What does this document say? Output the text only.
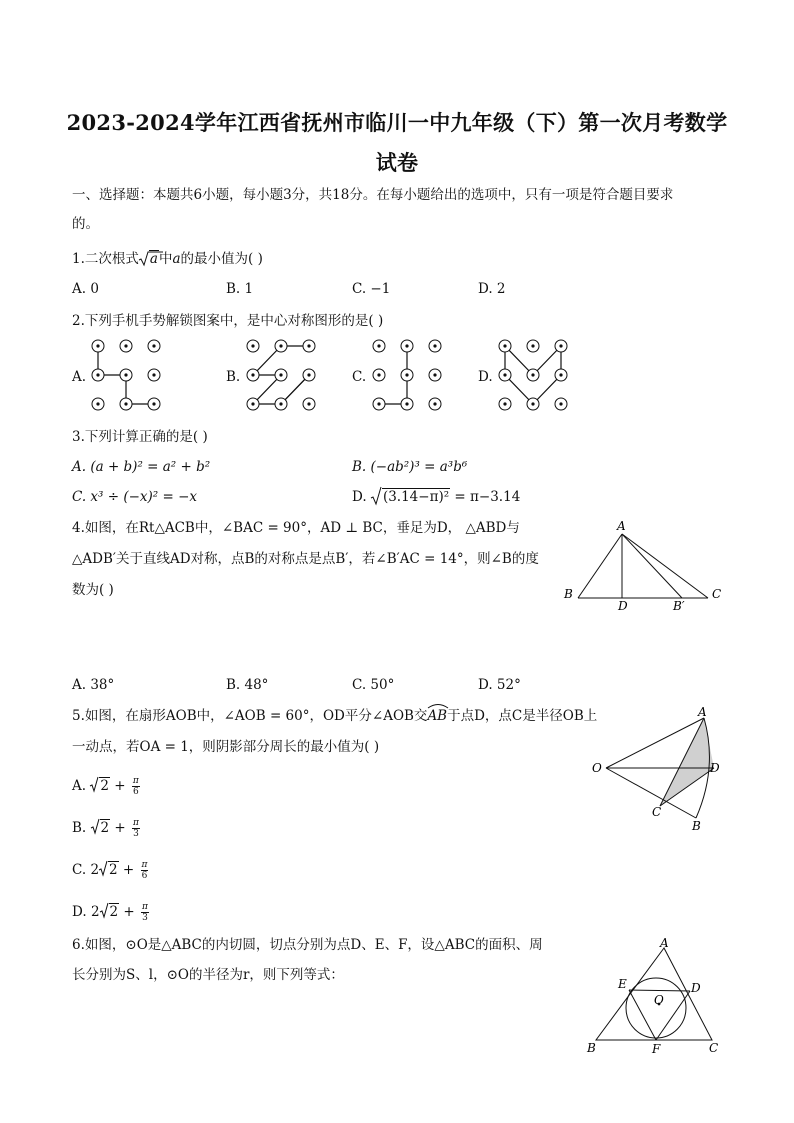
2023-2024学年江西省抚州市临川一中九年级（下）第一次月考数学
试卷
一、选择题：本题共6小题，每小题3分，共18分。在每小题给出的选项中，只有一项是符合题目要求
的。
1.二次根式 a中a的最小值为( )
A. 0	B. 1	C. −1	D. 2
2.下列手机手势解锁图案中，是中心对称图形的是( )
A.	B.	C.	D.
3.下列计算正确的是( )
A. (a + b)² = a² + b²	B. (−ab²)³ = a³b⁶
C. x³ ÷ (−x)² = −x	D.
(3.14−π)² = π−3.14
4.如图，在Rt△ACB中，∠BAC = 90°，AD ⊥ BC，垂足为D， △ABD与
△ADB′关于直线AD对称，点B的对称点是点B′，若∠B′AC = 14°，则∠B的度
数为( )
A
B	C
D	B′
A. 38°	B. 48°	C. 50°	D. 52°
5.如图，在扇形AOB中，∠AOB = 60°，OD平分∠AOB交
AB于点D，点C是半径OB上
一动点，若OA = 1，则阴影部分周长的最小值为( )
A
B
C
D
O
A.
$2 + \frac{\pi}{6}$
B.
$2 + \frac{\pi}{3}$
C. 2 $2 + \frac{\pi}{6}$
D. 2 $2 + \frac{\pi}{3}$
6.如图，⊙O是△ABC的内切圆，切点分别为点D、E、F，设△ABC的面积、周
长分别为S、l，⊙O的半径为r，则下列等式：
A
B	C
D
E
F
O
